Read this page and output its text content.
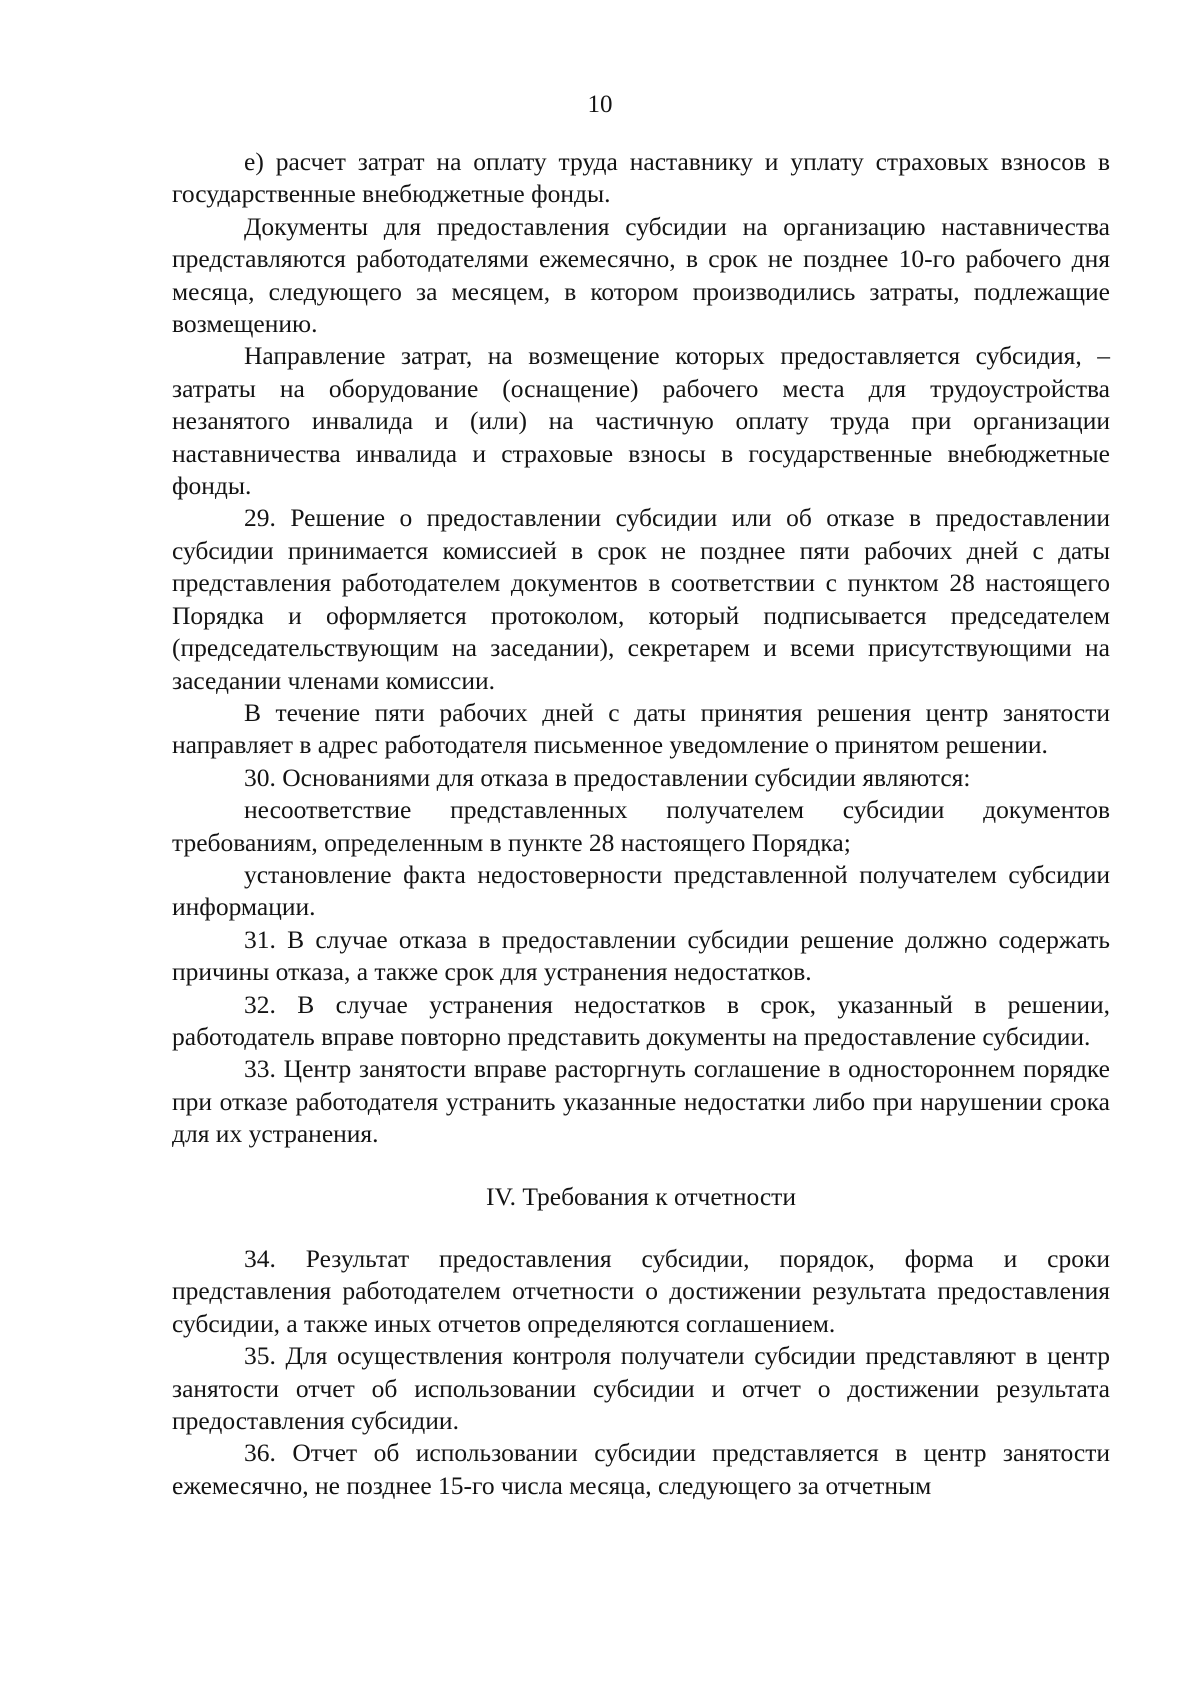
10

е) расчет затрат на оплату труда наставнику и уплату страховых взносов в государственные внебюджетные фонды.

Документы для предоставления субсидии на организацию наставничества представляются работодателями ежемесячно, в срок не позднее 10-го рабочего дня месяца, следующего за месяцем, в котором производились затраты, подлежащие возмещению.

Направление затрат, на возмещение которых предоставляется субсидия, – затраты на оборудование (оснащение) рабочего места для трудоустройства незанятого инвалида и (или) на частичную оплату труда при организации наставничества инвалида и страховые взносы в государственные внебюджетные фонды.

29. Решение о предоставлении субсидии или об отказе в предоставлении субсидии принимается комиссией в срок не позднее пяти рабочих дней с даты представления работодателем документов в соответствии с пунктом 28 настоящего Порядка и оформляется протоколом, который подписывается председателем (председательствующим на заседании), секретарем и всеми присутствующими на заседании членами комиссии.

В течение пяти рабочих дней с даты принятия решения центр занятости направляет в адрес работодателя письменное уведомление о принятом решении.

30. Основаниями для отказа в предоставлении субсидии являются:

несоответствие представленных получателем субсидии документов требованиям, определенным в пункте 28 настоящего Порядка;

установление факта недостоверности представленной получателем субсидии информации.

31. В случае отказа в предоставлении субсидии решение должно содержать причины отказа, а также срок для устранения недостатков.

32. В случае устранения недостатков в срок, указанный в решении, работодатель вправе повторно представить документы на предоставление субсидии.

33. Центр занятости вправе расторгнуть соглашение в одностороннем порядке при отказе работодателя устранить указанные недостатки либо при нарушении срока для их устранения.

IV. Требования к отчетности

34. Результат предоставления субсидии, порядок, форма и сроки представления работодателем отчетности о достижении результата предоставления субсидии, а также иных отчетов определяются соглашением.

35. Для осуществления контроля получатели субсидии представляют в центр занятости отчет об использовании субсидии и отчет о достижении результата предоставления субсидии.

36. Отчет об использовании субсидии представляется в центр занятости ежемесячно, не позднее 15-го числа месяца, следующего за отчетным
